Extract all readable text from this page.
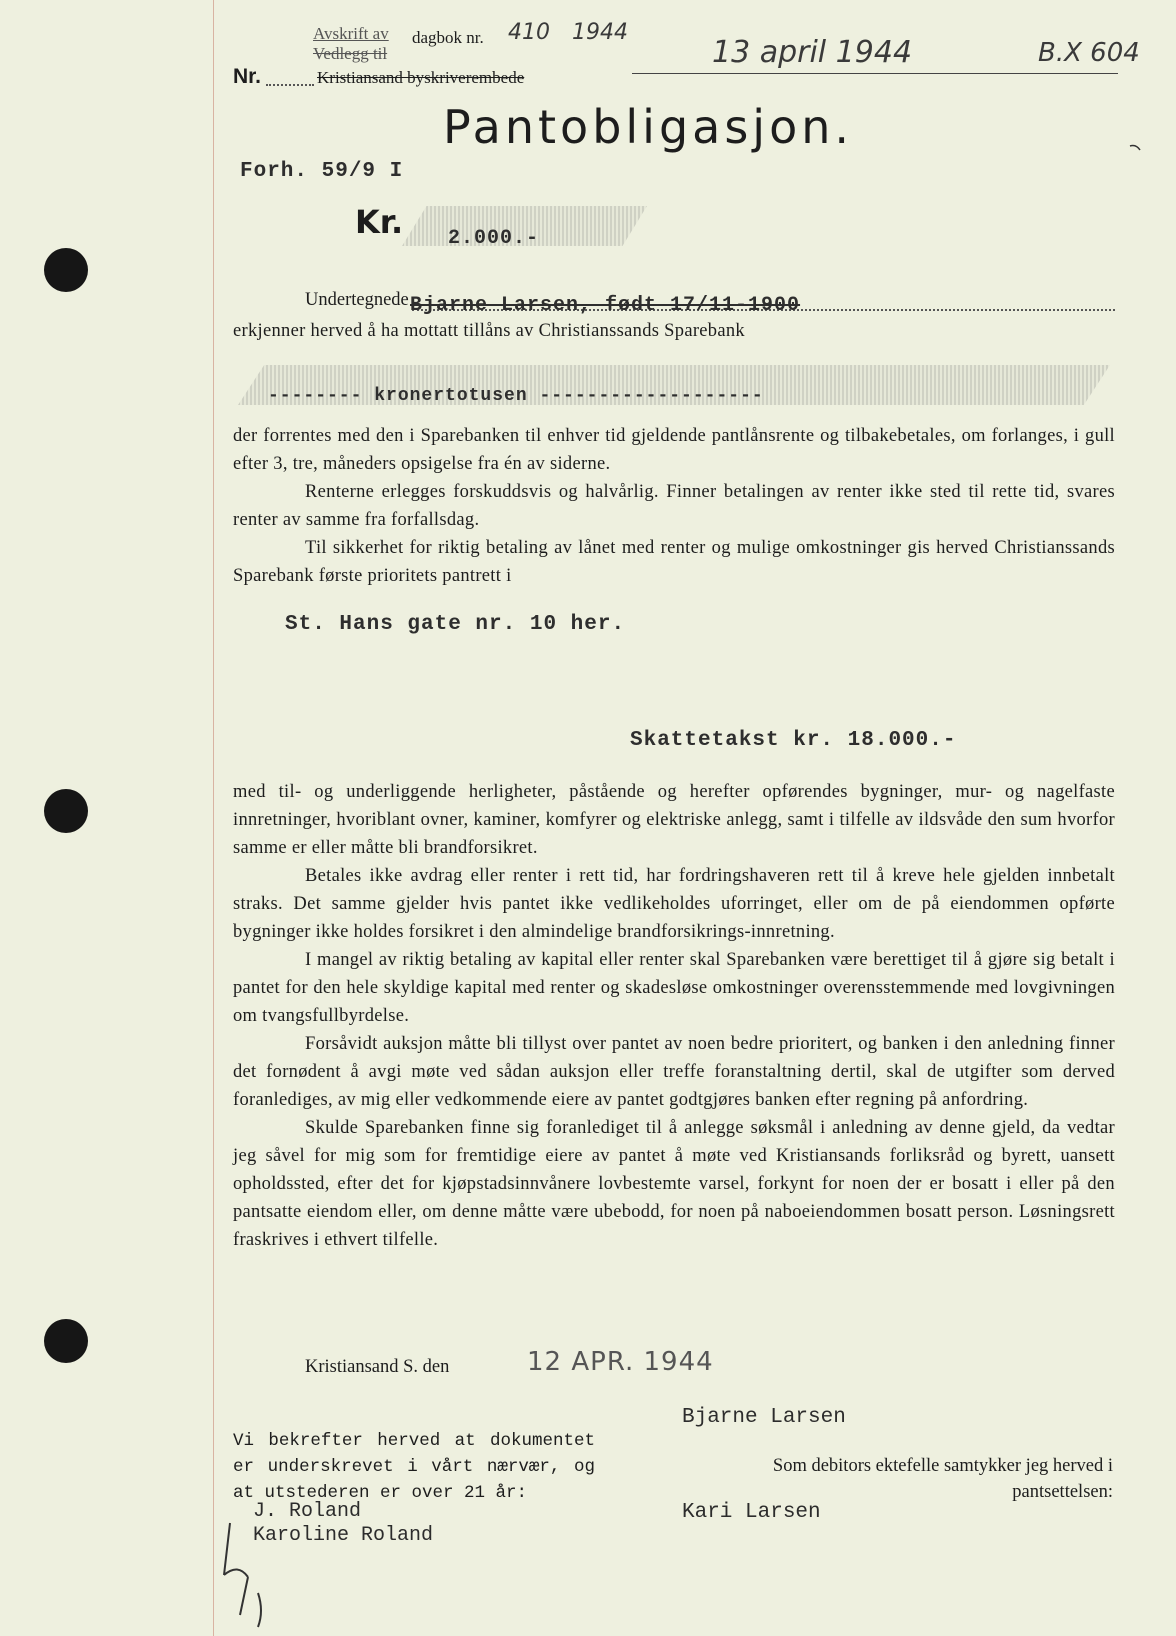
Avskrift av
Vedlegg til
dagbok nr. 410 1944
Nr.	Kristiansand byskriverembede
13 april 1944	B.X 604
Pantobligasjon.
Forh. 59/9 I
Kr. 2.000.-
Undertegnede Bjarne Larsen, født 17/11-1900
erkjenner herved å ha mottatt tillåns av Christianssands Sparebank
-------- kronertotusen -------------------

der forrentes med den i Sparebanken til enhver tid gjeldende pantlånsrente og tilbakebetales, om forlanges, i gull efter 3, tre, måneders opsigelse fra én av siderne.

Renterne erlegges forskuddsvis og halvårlig. Finner betalingen av renter ikke sted til rette tid, svares renter av samme fra forfallsdag.

Til sikkerhet for riktig betaling av lånet med renter og mulige omkostninger gis herved Christianssands Sparebank første prioritets pantrett i

St. Hans gate nr. 10 her.
Skattetakst kr. 18.000.-

med til- og underliggende herligheter, påstående og herefter opførendes bygninger, mur- og nagelfaste innretninger, hvoriblant ovner, kaminer, komfyrer og elektriske anlegg, samt i tilfelle av ildsvåde den sum hvorfor samme er eller måtte bli brandforsikret.

Betales ikke avdrag eller renter i rett tid, har fordringshaveren rett til å kreve hele gjelden innbetalt straks. Det samme gjelder hvis pantet ikke vedlikeholdes uforringet, eller om de på eiendommen opførte bygninger ikke holdes forsikret i den almindelige brandforsikrings-innretning.

I mangel av riktig betaling av kapital eller renter skal Sparebanken være berettiget til å gjøre sig betalt i pantet for den hele skyldige kapital med renter og skadesløse omkostninger overensstemmende med lovgivningen om tvangsfullbyrdelse.

Forsåvidt auksjon måtte bli tillyst over pantet av noen bedre prioritert, og banken i den anledning finner det fornødent å avgi møte ved sådan auksjon eller treffe foranstaltning dertil, skal de utgifter som derved foranlediges, av mig eller vedkommende eiere av pantet godtgjøres banken efter regning på anfordring.

Skulde Sparebanken finne sig foranlediget til å anlegge søksmål i anledning av denne gjeld, da vedtar jeg såvel for mig som for fremtidige eiere av pantet å møte ved Kristiansands forliksråd og byrett, uansett opholdssted, efter det for kjøpstadsinnvånere lovbestemte varsel, forkynt for noen der er bosatt i eller på den pantsatte eiendom eller, om denne måtte være ubebodd, for noen på naboeiendommen bosatt person. Løsningsrett fraskrives i ethvert tilfelle.

Kristiansand S. den	12 APR. 1944
Bjarne Larsen
Vi bekrefter herved at dokumentet er underskrevet i vårt nærvær, og at utstederen er over 21 år:
J. Roland
Karoline Roland
Som debitors ektefelle samtykker jeg herved i pantsettelsen:
Kari Larsen
